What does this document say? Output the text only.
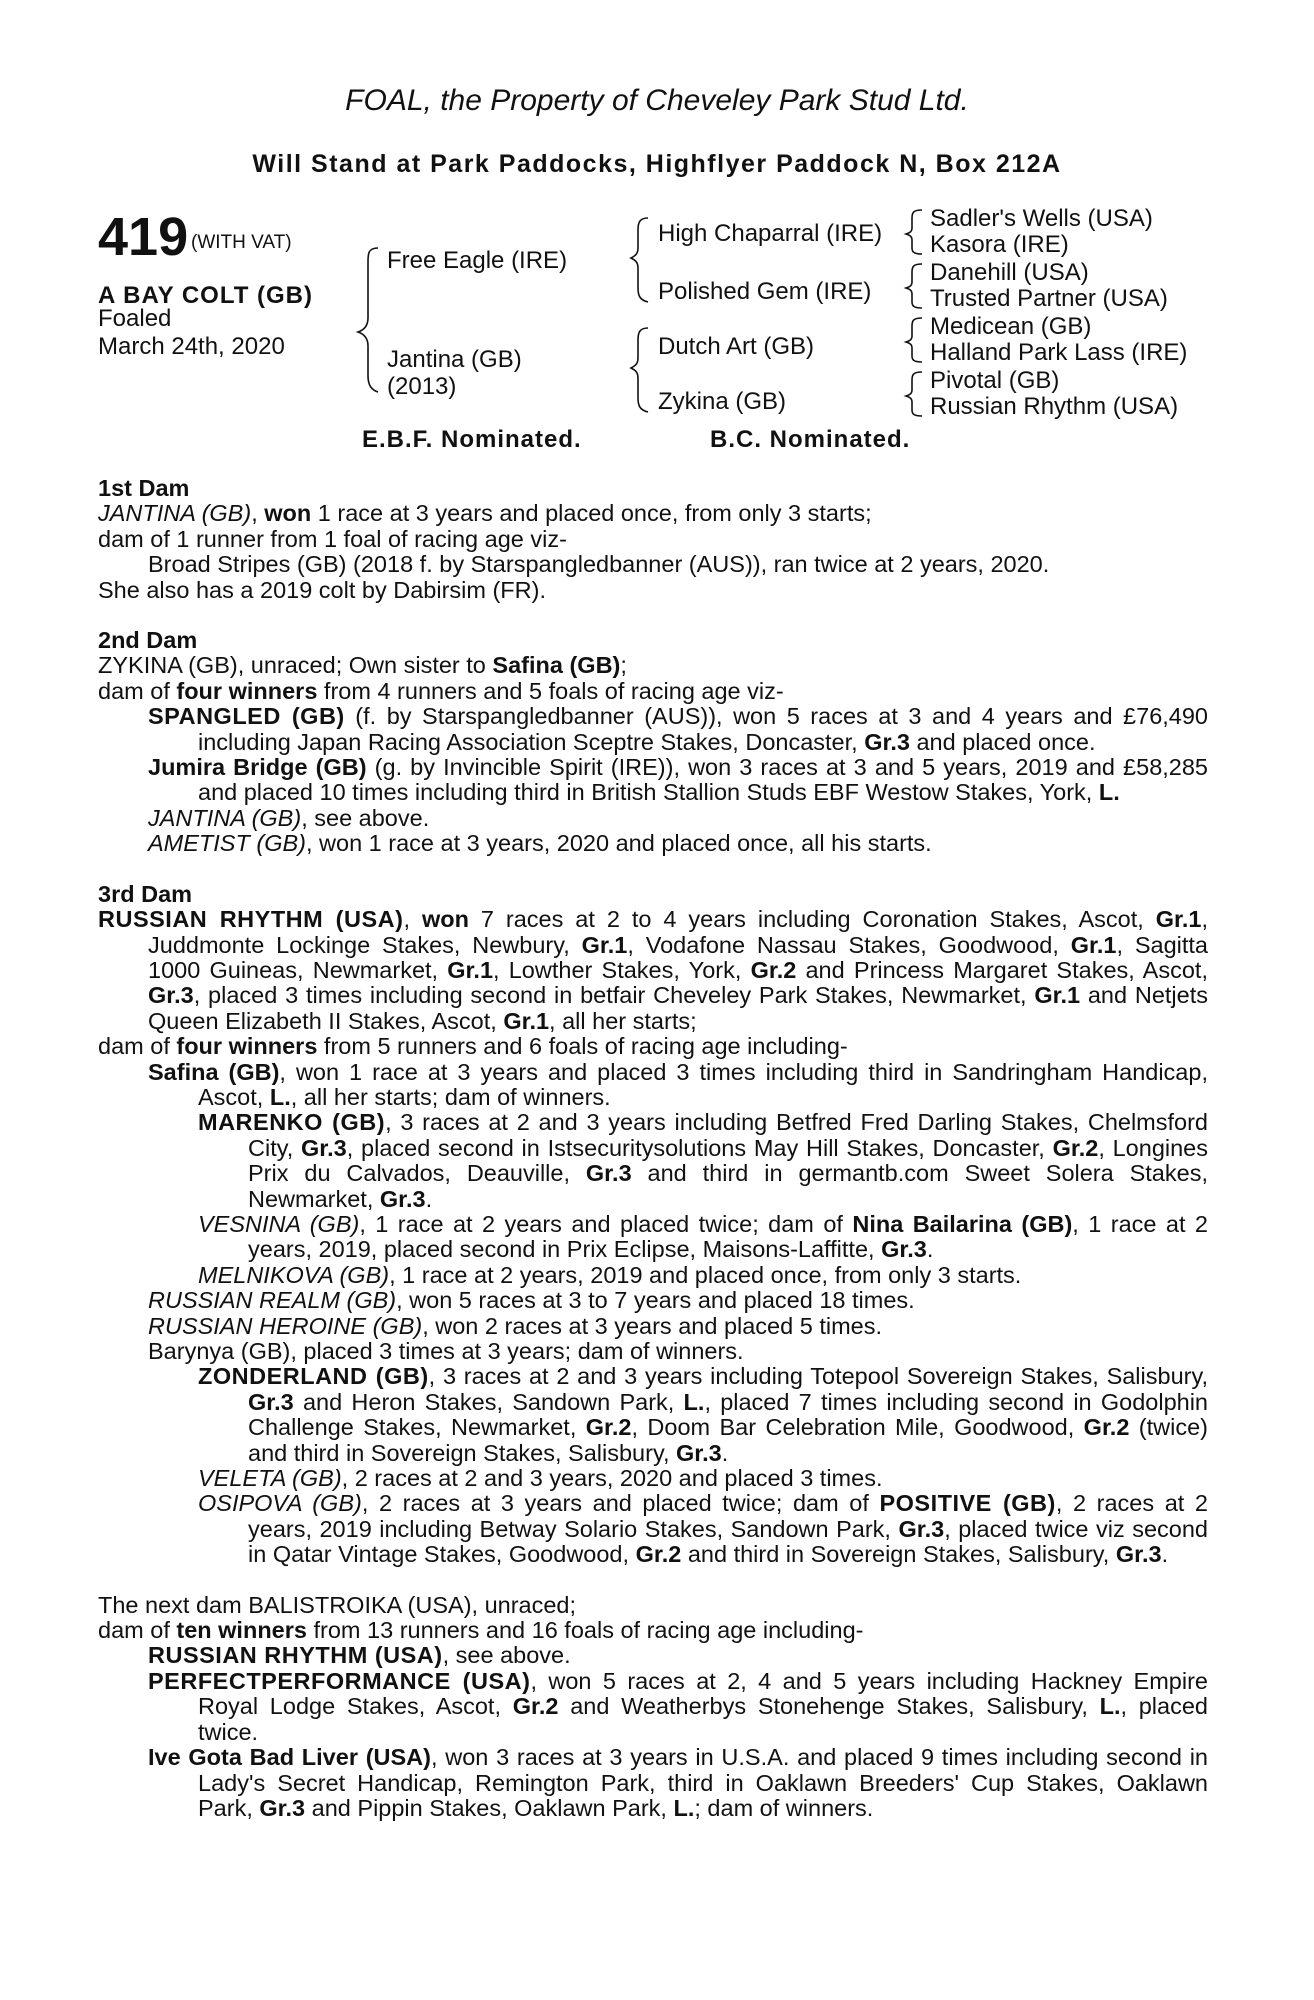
FOAL, the Property of Cheveley Park Stud Ltd.
Will Stand at Park Paddocks, Highflyer Paddock N, Box 212A
419 (WITH VAT)
A BAY COLT (GB)
Foaled
March 24th, 2020
Free Eagle (IRE)
Jantina (GB)
(2013)
High Chaparral (IRE)
Polished Gem (IRE)
Dutch Art (GB)
Zykina (GB)
Sadler's Wells (USA)
Kasora (IRE)
Danehill (USA)
Trusted Partner (USA)
Medicean (GB)
Halland Park Lass (IRE)
Pivotal (GB)
Russian Rhythm (USA)
E.B.F. Nominated.	B.C. Nominated.

1st Dam

JANTINA (GB), won 1 race at 3 years and placed once, from only 3 starts;

dam of 1 runner from 1 foal of racing age viz-

Broad Stripes (GB) (2018 f. by Starspangledbanner (AUS)), ran twice at 2 years, 2020.

She also has a 2019 colt by Dabirsim (FR).

2nd Dam

ZYKINA (GB), unraced; Own sister to Safina (GB);

dam of four winners from 4 runners and 5 foals of racing age viz-

SPANGLED (GB) (f. by Starspangledbanner (AUS)), won 5 races at 3 and 4 years and £76,490 including Japan Racing Association Sceptre Stakes, Doncaster, Gr.3 and placed once.

Jumira Bridge (GB) (g. by Invincible Spirit (IRE)), won 3 races at 3 and 5 years, 2019 and £58,285 and placed 10 times including third in British Stallion Studs EBF Westow Stakes, York, L.

JANTINA (GB), see above.

AMETIST (GB), won 1 race at 3 years, 2020 and placed once, all his starts.

3rd Dam

RUSSIAN RHYTHM (USA), won 7 races at 2 to 4 years including Coronation Stakes, Ascot, Gr.1, Juddmonte Lockinge Stakes, Newbury, Gr.1, Vodafone Nassau Stakes, Goodwood, Gr.1, Sagitta 1000 Guineas, Newmarket, Gr.1, Lowther Stakes, York, Gr.2 and Princess Margaret Stakes, Ascot, Gr.3, placed 3 times including second in betfair Cheveley Park Stakes, Newmarket, Gr.1 and Netjets Queen Elizabeth II Stakes, Ascot, Gr.1, all her starts;

dam of four winners from 5 runners and 6 foals of racing age including-

Safina (GB), won 1 race at 3 years and placed 3 times including third in Sandringham Handicap, Ascot, L., all her starts; dam of winners.

MARENKO (GB), 3 races at 2 and 3 years including Betfred Fred Darling Stakes, Chelmsford City, Gr.3, placed second in Istsecuritysolutions May Hill Stakes, Doncaster, Gr.2, Longines Prix du Calvados, Deauville, Gr.3 and third in germantb.com Sweet Solera Stakes, Newmarket, Gr.3.

VESNINA (GB), 1 race at 2 years and placed twice; dam of Nina Bailarina (GB), 1 race at 2 years, 2019, placed second in Prix Eclipse, Maisons-Laffitte, Gr.3.

MELNIKOVA (GB), 1 race at 2 years, 2019 and placed once, from only 3 starts.

RUSSIAN REALM (GB), won 5 races at 3 to 7 years and placed 18 times.

RUSSIAN HEROINE (GB), won 2 races at 3 years and placed 5 times.

Barynya (GB), placed 3 times at 3 years; dam of winners.

ZONDERLAND (GB), 3 races at 2 and 3 years including Totepool Sovereign Stakes, Salisbury, Gr.3 and Heron Stakes, Sandown Park, L., placed 7 times including second in Godolphin Challenge Stakes, Newmarket, Gr.2, Doom Bar Celebration Mile, Goodwood, Gr.2 (twice) and third in Sovereign Stakes, Salisbury, Gr.3.

VELETA (GB), 2 races at 2 and 3 years, 2020 and placed 3 times.

OSIPOVA (GB), 2 races at 3 years and placed twice; dam of POSITIVE (GB), 2 races at 2 years, 2019 including Betway Solario Stakes, Sandown Park, Gr.3, placed twice viz second in Qatar Vintage Stakes, Goodwood, Gr.2 and third in Sovereign Stakes, Salisbury, Gr.3.

The next dam BALISTROIKA (USA), unraced;

dam of ten winners from 13 runners and 16 foals of racing age including-

RUSSIAN RHYTHM (USA), see above.

PERFECTPERFORMANCE (USA), won 5 races at 2, 4 and 5 years including Hackney Empire Royal Lodge Stakes, Ascot, Gr.2 and Weatherbys Stonehenge Stakes, Salisbury, L., placed twice.

Ive Gota Bad Liver (USA), won 3 races at 3 years in U.S.A. and placed 9 times including second in Lady's Secret Handicap, Remington Park, third in Oaklawn Breeders' Cup Stakes, Oaklawn Park, Gr.3 and Pippin Stakes, Oaklawn Park, L.; dam of winners.
